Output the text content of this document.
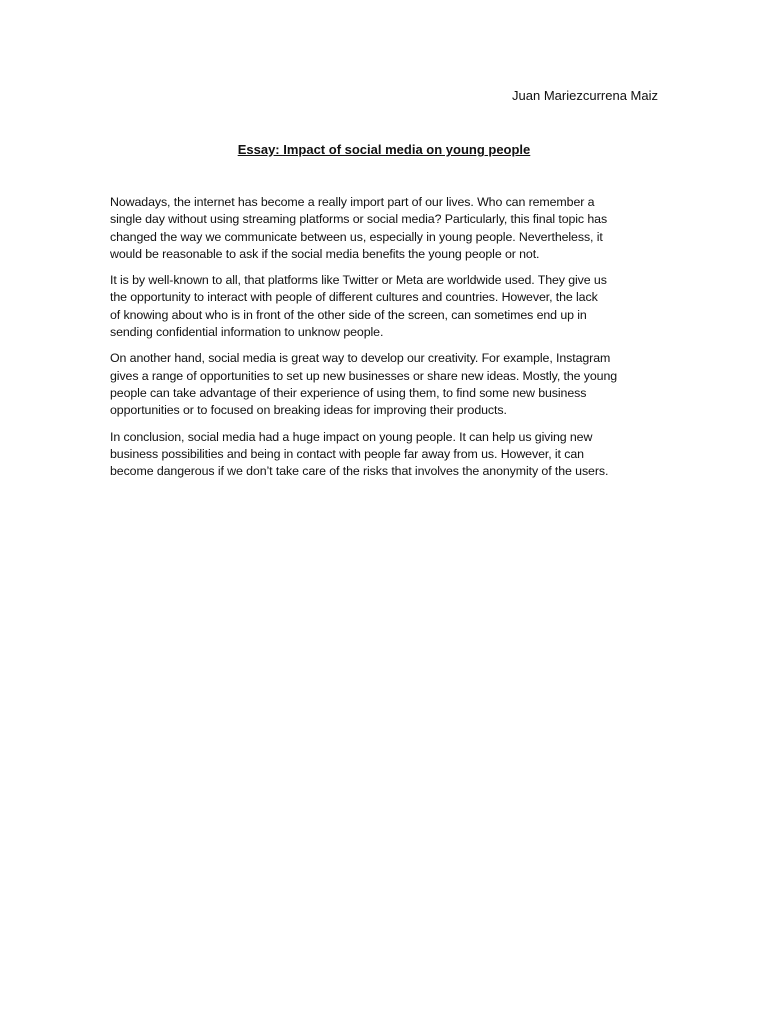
Juan Mariezcurrena Maiz
Essay: Impact of social media on young people

Nowadays, the internet has become a really import part of our lives. Who can remember a
single day without using streaming platforms or social media? Particularly, this final topic has
changed the way we communicate between us, especially in young people. Nevertheless, it
would be reasonable to ask if the social media benefits the young people or not.

It is by well-known to all, that platforms like Twitter or Meta are worldwide used. They give us
the opportunity to interact with people of different cultures and countries. However, the lack
of knowing about who is in front of the other side of the screen, can sometimes end up in
sending confidential information to unknow people.

On another hand, social media is great way to develop our creativity. For example, Instagram
gives a range of opportunities to set up new businesses or share new ideas. Mostly, the young
people can take advantage of their experience of using them, to find some new business
opportunities or to focused on breaking ideas for improving their products.

In conclusion, social media had a huge impact on young people. It can help us giving new
business possibilities and being in contact with people far away from us. However, it can
become dangerous if we don’t take care of the risks that involves the anonymity of the users.
